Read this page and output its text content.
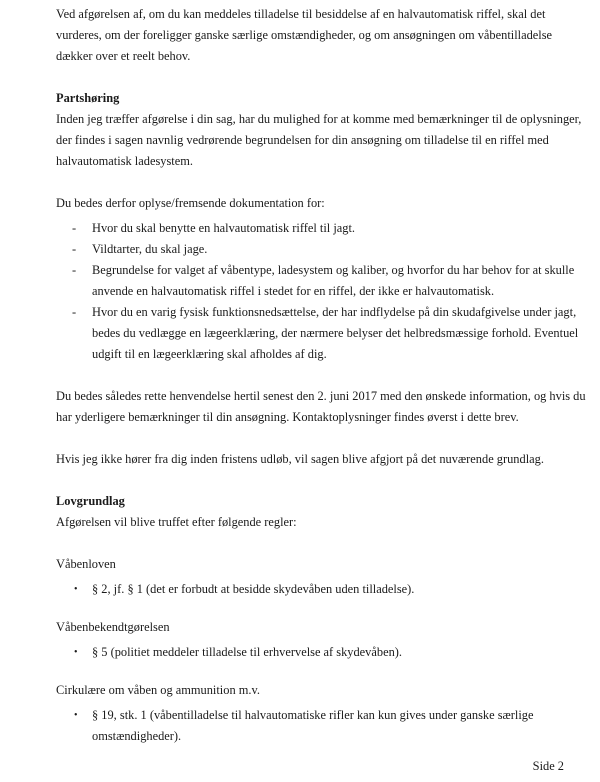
Ved afgørelsen af, om du kan meddeles tilladelse til besiddelse af en halvautomatisk riffel, skal det vurderes, om der foreligger ganske særlige omstændigheder, og om ansøgningen om våbentilladelse dækker over et reelt behov.

Partshøring

Inden jeg træffer afgørelse i din sag, har du mulighed for at komme med bemærkninger til de oplysninger, der findes i sagen navnlig vedrørende begrundelsen for din ansøgning om tilladelse til en riffel med halvautomatisk ladesystem.

Du bedes derfor oplyse/fremsende dokumentation for:

- Hvor du skal benytte en halvautomatisk riffel til jagt.
- Vildtarter, du skal jage.
- Begrundelse for valget af våbentype, ladesystem og kaliber, og hvorfor du har behov for at skulle anvende en halvautomatisk riffel i stedet for en riffel, der ikke er halvautomatisk.
- Hvor du en varig fysisk funktionsnedsættelse, der har indflydelse på din skudafgivelse under jagt, bedes du vedlægge en lægeerklæring, der nærmere belyser det helbredsmæssige forhold. Eventuel udgift til en lægeerklæring skal afholdes af dig.

Du bedes således rette henvendelse hertil senest den 2. juni 2017 med den ønskede information, og hvis du har yderligere bemærkninger til din ansøgning. Kontaktoplysninger findes øverst i dette brev.

Hvis jeg ikke hører fra dig inden fristens udløb, vil sagen blive afgjort på det nuværende grundlag.

Lovgrundlag

Afgørelsen vil blive truffet efter følgende regler:

Våbenloven

• § 2, jf. § 1 (det er forbudt at besidde skydevåben uden tilladelse).

Våbenbekendtgørelsen

• § 5 (politiet meddeler tilladelse til erhvervelse af skydevåben).

Cirkulære om våben og ammunition m.v.

• § 19, stk. 1 (våbentilladelse til halvautomatiske rifler kan kun gives under ganske særlige omstændigheder).
Side 2
